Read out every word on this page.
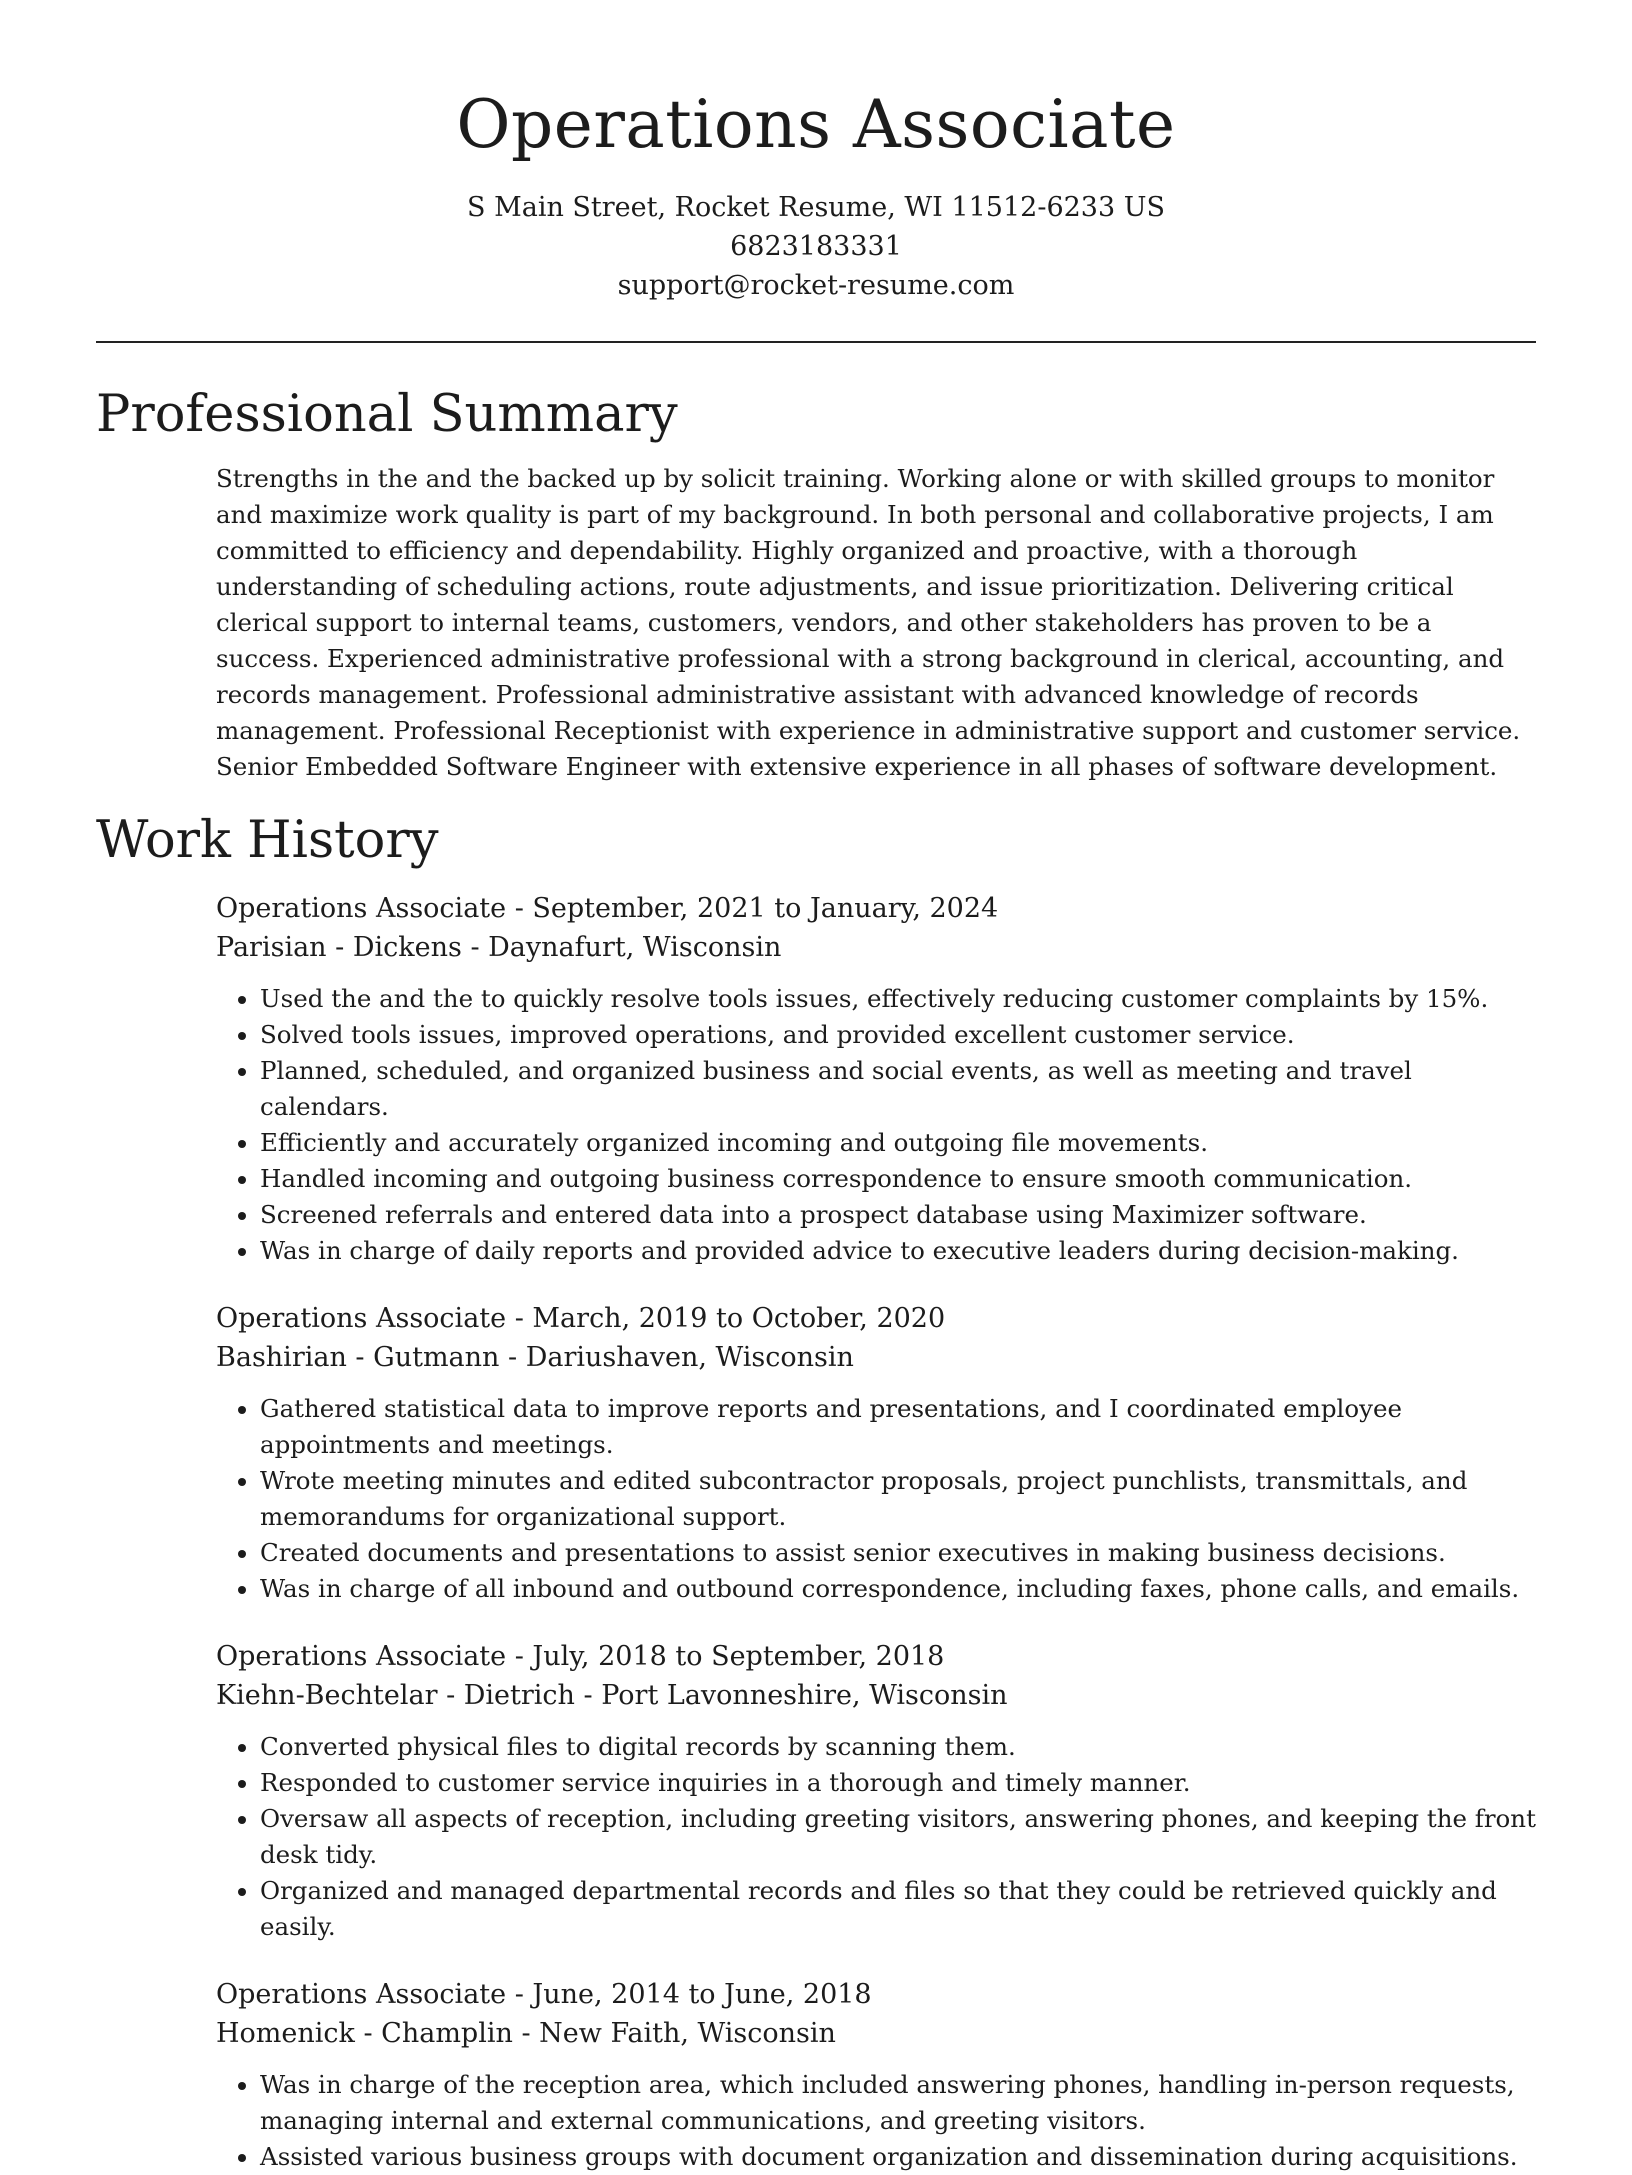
Operations Associate
S Main Street, Rocket Resume, WI 11512-6233 US
6823183331
support@rocket-resume.com
Professional Summary
Strengths in the and the backed up by solicit training. Working alone or with skilled groups to monitor and maximize work quality is part of my background. In both personal and collaborative projects, I am committed to efficiency and dependability. Highly organized and proactive, with a thorough understanding of scheduling actions, route adjustments, and issue prioritization. Delivering critical clerical support to internal teams, customers, vendors, and other stakeholders has proven to be a success. Experienced administrative professional with a strong background in clerical, accounting, and records management. Professional administrative assistant with advanced knowledge of records management. Professional Receptionist with experience in administrative support and customer service. Senior Embedded Software Engineer with extensive experience in all phases of software development.
Work History
Operations Associate - September, 2021 to January, 2024
Parisian - Dickens - Daynafurt, Wisconsin
• Used the and the to quickly resolve tools issues, effectively reducing customer complaints by 15%.
• Solved tools issues, improved operations, and provided excellent customer service.
• Planned, scheduled, and organized business and social events, as well as meeting and travel calendars.
• Efficiently and accurately organized incoming and outgoing file movements.
• Handled incoming and outgoing business correspondence to ensure smooth communication.
• Screened referrals and entered data into a prospect database using Maximizer software.
• Was in charge of daily reports and provided advice to executive leaders during decision-making.
Operations Associate - March, 2019 to October, 2020
Bashirian - Gutmann - Dariushaven, Wisconsin
• Gathered statistical data to improve reports and presentations, and I coordinated employee appointments and meetings.
• Wrote meeting minutes and edited subcontractor proposals, project punchlists, transmittals, and memorandums for organizational support.
• Created documents and presentations to assist senior executives in making business decisions.
• Was in charge of all inbound and outbound correspondence, including faxes, phone calls, and emails.
Operations Associate - July, 2018 to September, 2018
Kiehn-Bechtelar - Dietrich - Port Lavonneshire, Wisconsin
• Converted physical files to digital records by scanning them.
• Responded to customer service inquiries in a thorough and timely manner.
• Oversaw all aspects of reception, including greeting visitors, answering phones, and keeping the front desk tidy.
• Organized and managed departmental records and files so that they could be retrieved quickly and easily.
Operations Associate - June, 2014 to June, 2018
Homenick - Champlin - New Faith, Wisconsin
• Was in charge of the reception area, which included answering phones, handling in-person requests, managing internal and external communications, and greeting visitors.
• Assisted various business groups with document organization and dissemination during acquisitions.
